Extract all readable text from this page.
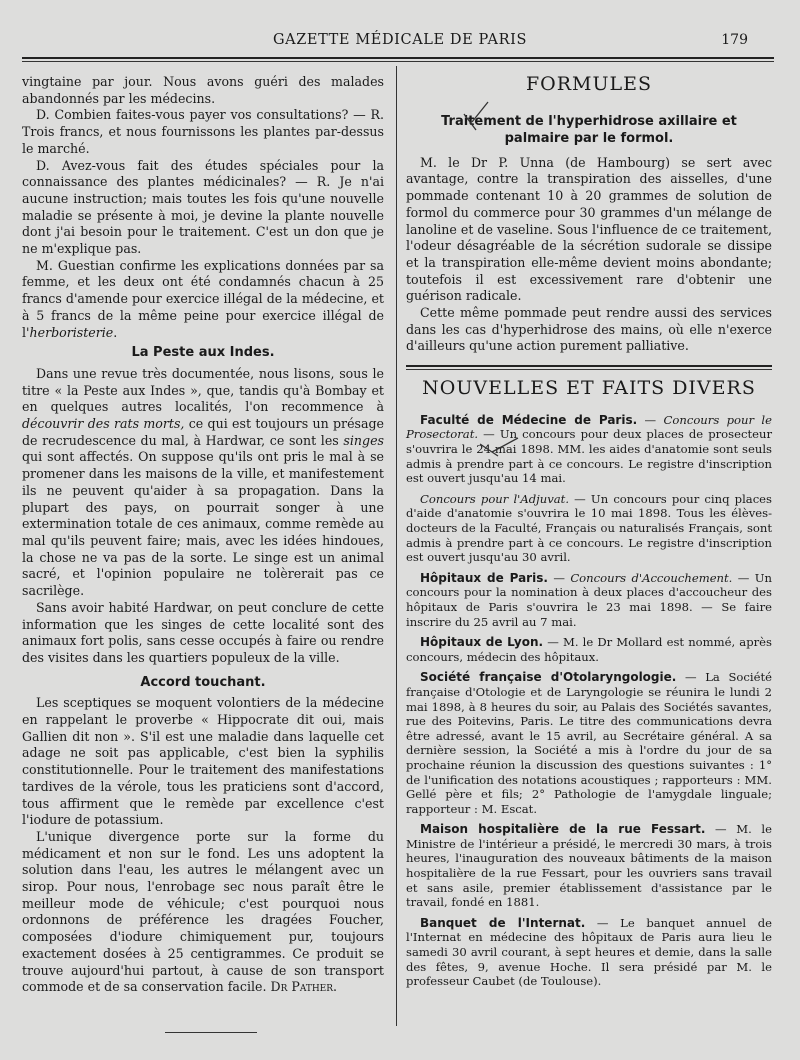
GAZETTE MÉDICALE DE PARIS	179

vingtaine par jour. Nous avons guéri des malades abandonnés par les médecins.

D. Combien faites-vous payer vos consultations? — R. Trois francs, et nous fournissons les plantes par-dessus le marché.

D. Avez-vous fait des études spéciales pour la connaissance des plantes médicinales? — R. Je n'ai aucune instruction; mais toutes les fois qu'une nouvelle maladie se présente à moi, je devine la plante nouvelle dont j'ai besoin pour le traitement. C'est un don que je ne m'explique pas.

M. Guestian confirme les explications données par sa femme, et les deux ont été condamnés chacun à 25 francs d'amende pour exercice illégal de la médecine, et à 5 francs de la même peine pour exercice illégal de l'herboristerie.

La Peste aux Indes.

Dans une revue très documentée, nous lisons, sous le titre « la Peste aux Indes », que, tandis qu'à Bombay et en quelques autres localités, l'on recommence à découvrir des rats morts, ce qui est toujours un présage de recrudescence du mal, à Hardwar, ce sont les singes qui sont affectés. On suppose qu'ils ont pris le mal à se promener dans les maisons de la ville, et manifestement ils ne peuvent qu'aider à sa propagation. Dans la plupart des pays, on pourrait songer à une extermination totale de ces animaux, comme remède au mal qu'ils peuvent faire; mais, avec les idées hindoues, la chose ne va pas de la sorte. Le singe est un animal sacré, et l'opinion populaire ne tolèrerait pas ce sacrilège.

Sans avoir habité Hardwar, on peut conclure de cette information que les singes de cette localité sont des animaux fort polis, sans cesse occupés à faire ou rendre des visites dans les quartiers populeux de la ville.

Accord touchant.

Les sceptiques se moquent volontiers de la médecine en rappelant le proverbe « Hippocrate dit oui, mais Gallien dit non ». S'il est une maladie dans laquelle cet adage ne soit pas applicable, c'est bien la syphilis constitutionnelle. Pour le traitement des manifestations tardives de la vérole, tous les praticiens sont d'accord, tous affirment que le remède par excellence c'est l'iodure de potassium.

L'unique divergence porte sur la forme du médicament et non sur le fond. Les uns adoptent la solution dans l'eau, les autres le mélangent avec un sirop. Pour nous, l'enrobage sec nous paraît être le meilleur mode de véhicule; c'est pourquoi nous ordonnons de préférence les dragées Foucher, composées d'iodure chimiquement pur, toujours exactement dosées à 25 centigrammes. Ce produit se trouve aujourd'hui partout, à cause de son transport commode et de sa conservation facile. Dr Pather.

FORMULES
Traitement de l'hyperhidrose axillaire et palmaire par le formol.

M. le Dr P. Unna (de Hambourg) se sert avec avantage, contre la transpiration des aisselles, d'une pommade contenant 10 à 20 grammes de solution de formol du commerce pour 30 grammes d'un mélange de lanoline et de vaseline. Sous l'influence de ce traitement, l'odeur désagréable de la sécrétion sudorale se dissipe et la transpiration elle-même devient moins abondante; toutefois il est excessivement rare d'obtenir une guérison radicale.

Cette même pommade peut rendre aussi des services dans les cas d'hyperhidrose des mains, où elle n'exerce d'ailleurs qu'une action purement palliative.

NOUVELLES ET FAITS DIVERS

Faculté de Médecine de Paris. — Concours pour le Prosectorat. — Un concours pour deux places de prosecteur s'ouvrira le 24 mai 1898. MM. les aides d'anatomie sont seuls admis à prendre part à ce concours. Le registre d'inscription est ouvert jusqu'au 14 mai.

Concours pour l'Adjuvat. — Un concours pour cinq places d'aide d'anatomie s'ouvrira le 10 mai 1898. Tous les élèves-docteurs de la Faculté, Français ou naturalisés Français, sont admis à prendre part à ce concours. Le registre d'inscription est ouvert jusqu'au 30 avril.

Hôpitaux de Paris. — Concours d'Accouchement. — Un concours pour la nomination à deux places d'accoucheur des hôpitaux de Paris s'ouvrira le 23 mai 1898. — Se faire inscrire du 25 avril au 7 mai.

Hôpitaux de Lyon. — M. le Dr Mollard est nommé, après concours, médecin des hôpitaux.

Société française d'Otolaryngologie. — La Société française d'Otologie et de Laryngologie se réunira le lundi 2 mai 1898, à 8 heures du soir, au Palais des Sociétés savantes, rue des Poitevins, Paris. Le titre des communications devra être adressé, avant le 15 avril, au Secrétaire général. A sa dernière session, la Société a mis à l'ordre du jour de sa prochaine réunion la discussion des questions suivantes : 1° de l'unification des notations acoustiques ; rapporteurs : MM. Gellé père et fils; 2° Pathologie de l'amygdale linguale; rapporteur : M. Escat.

Maison hospitalière de la rue Fessart. — M. le Ministre de l'intérieur a présidé, le mercredi 30 mars, à trois heures, l'inauguration des nouveaux bâtiments de la maison hospitalière de la rue Fessart, pour les ouvriers sans travail et sans asile, premier établissement d'assistance par le travail, fondé en 1881.

Banquet de l'Internat. — Le banquet annuel de l'Internat en médecine des hôpitaux de Paris aura lieu le samedi 30 avril courant, à sept heures et demie, dans la salle des fêtes, 9, avenue Hoche. Il sera présidé par M. le professeur Caubet (de Toulouse).
